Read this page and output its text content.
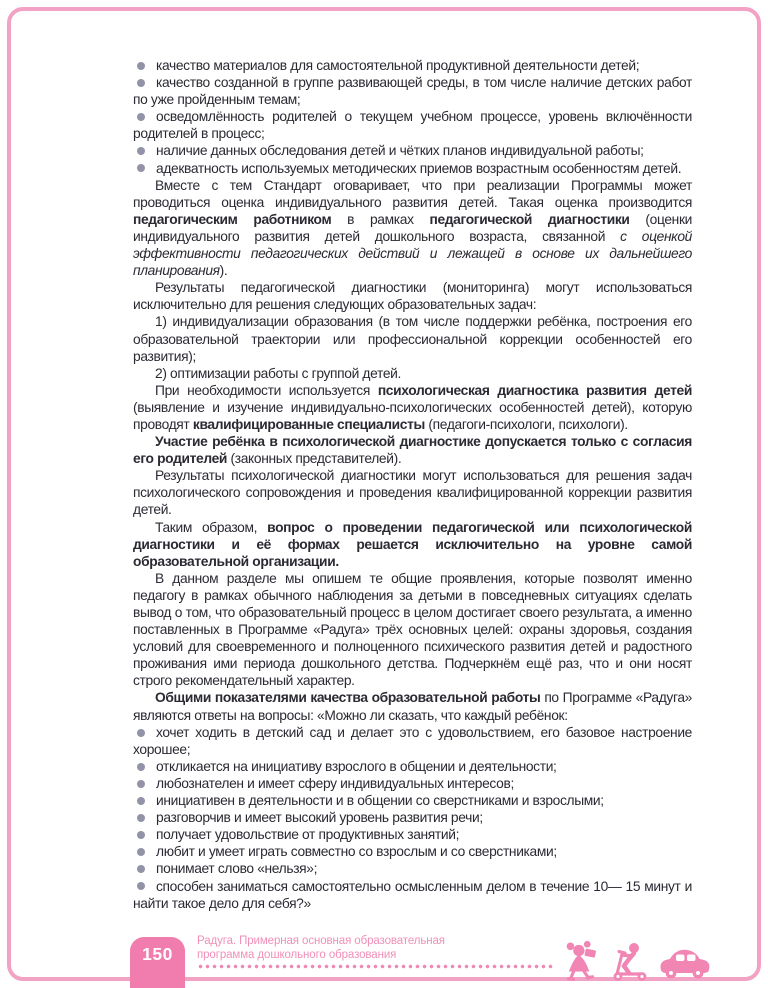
качество материалов для самостоятельной продуктивной деятельности детей;
качество созданной в группе развивающей среды, в том числе наличие детских работ по уже пройденным темам;
осведомлённость родителей о текущем учебном процессе, уровень включённости родителей в процесс;
наличие данных обследования детей и чётких планов индивидуальной работы;
адекватность используемых методических приемов возрастным особенностям детей.

Вместе с тем Стандарт оговаривает, что при реализации Программы может проводиться оценка индивидуального развития детей. Такая оценка производится педагогическим работником в рамках педагогической диагностики (оценки индивидуального развития детей дошкольного возраста, связанной с оценкой эффективности педагогических действий и лежащей в основе их дальнейшего планирования).

Результаты педагогической диагностики (мониторинга) могут использоваться исключительно для решения следующих образовательных задач:

1) индивидуализации образования (в том числе поддержки ребёнка, построения его образовательной траектории или профессиональной коррекции особенностей его развития);

2) оптимизации работы с группой детей.

При необходимости используется психологическая диагностика развития детей (выявление и изучение индивидуально-психологических особенностей детей), которую проводят квалифицированные специалисты (педагоги-психологи, психологи).

Участие ребёнка в психологической диагностике допускается только с согласия его родителей (законных представителей).

Результаты психологической диагностики могут использоваться для решения задач психологического сопровождения и проведения квалифицированной коррекции развития детей.

Таким образом, вопрос о проведении педагогической или психологической диагностики и её формах решается исключительно на уровне самой образовательной организации.

В данном разделе мы опишем те общие проявления, которые позволят именно педагогу в рамках обычного наблюдения за детьми в повседневных ситуациях сделать вывод о том, что образовательный процесс в целом достигает своего результата, а именно поставленных в Программе «Радуга» трёх основных целей: охраны здоровья, создания условий для своевременного и полноценного психического развития детей и радостного проживания ими периода дошкольного детства. Подчеркнём ещё раз, что и они носят строго рекомендательный характер.

Общими показателями качества образовательной работы по Программе «Радуга» являются ответы на вопросы: «Можно ли сказать, что каждый ребёнок:

хочет ходить в детский сад и делает это с удовольствием, его базовое настроение хорошее;
откликается на инициативу взрослого в общении и деятельности;
любознателен и имеет сферу индивидуальных интересов;
инициативен в деятельности и в общении со сверстниками и взрослыми;
разговорчив и имеет высокий уровень развития речи;
получает удовольствие от продуктивных занятий;
любит и умеет играть совместно со взрослым и со сверстниками;
понимает слово «нельзя»;
способен заниматься самостоятельно осмысленным делом в течение 10— 15 минут и найти такое дело для себя?»
150
Радуга. Примерная основная образовательная
программа дошкольного образования
